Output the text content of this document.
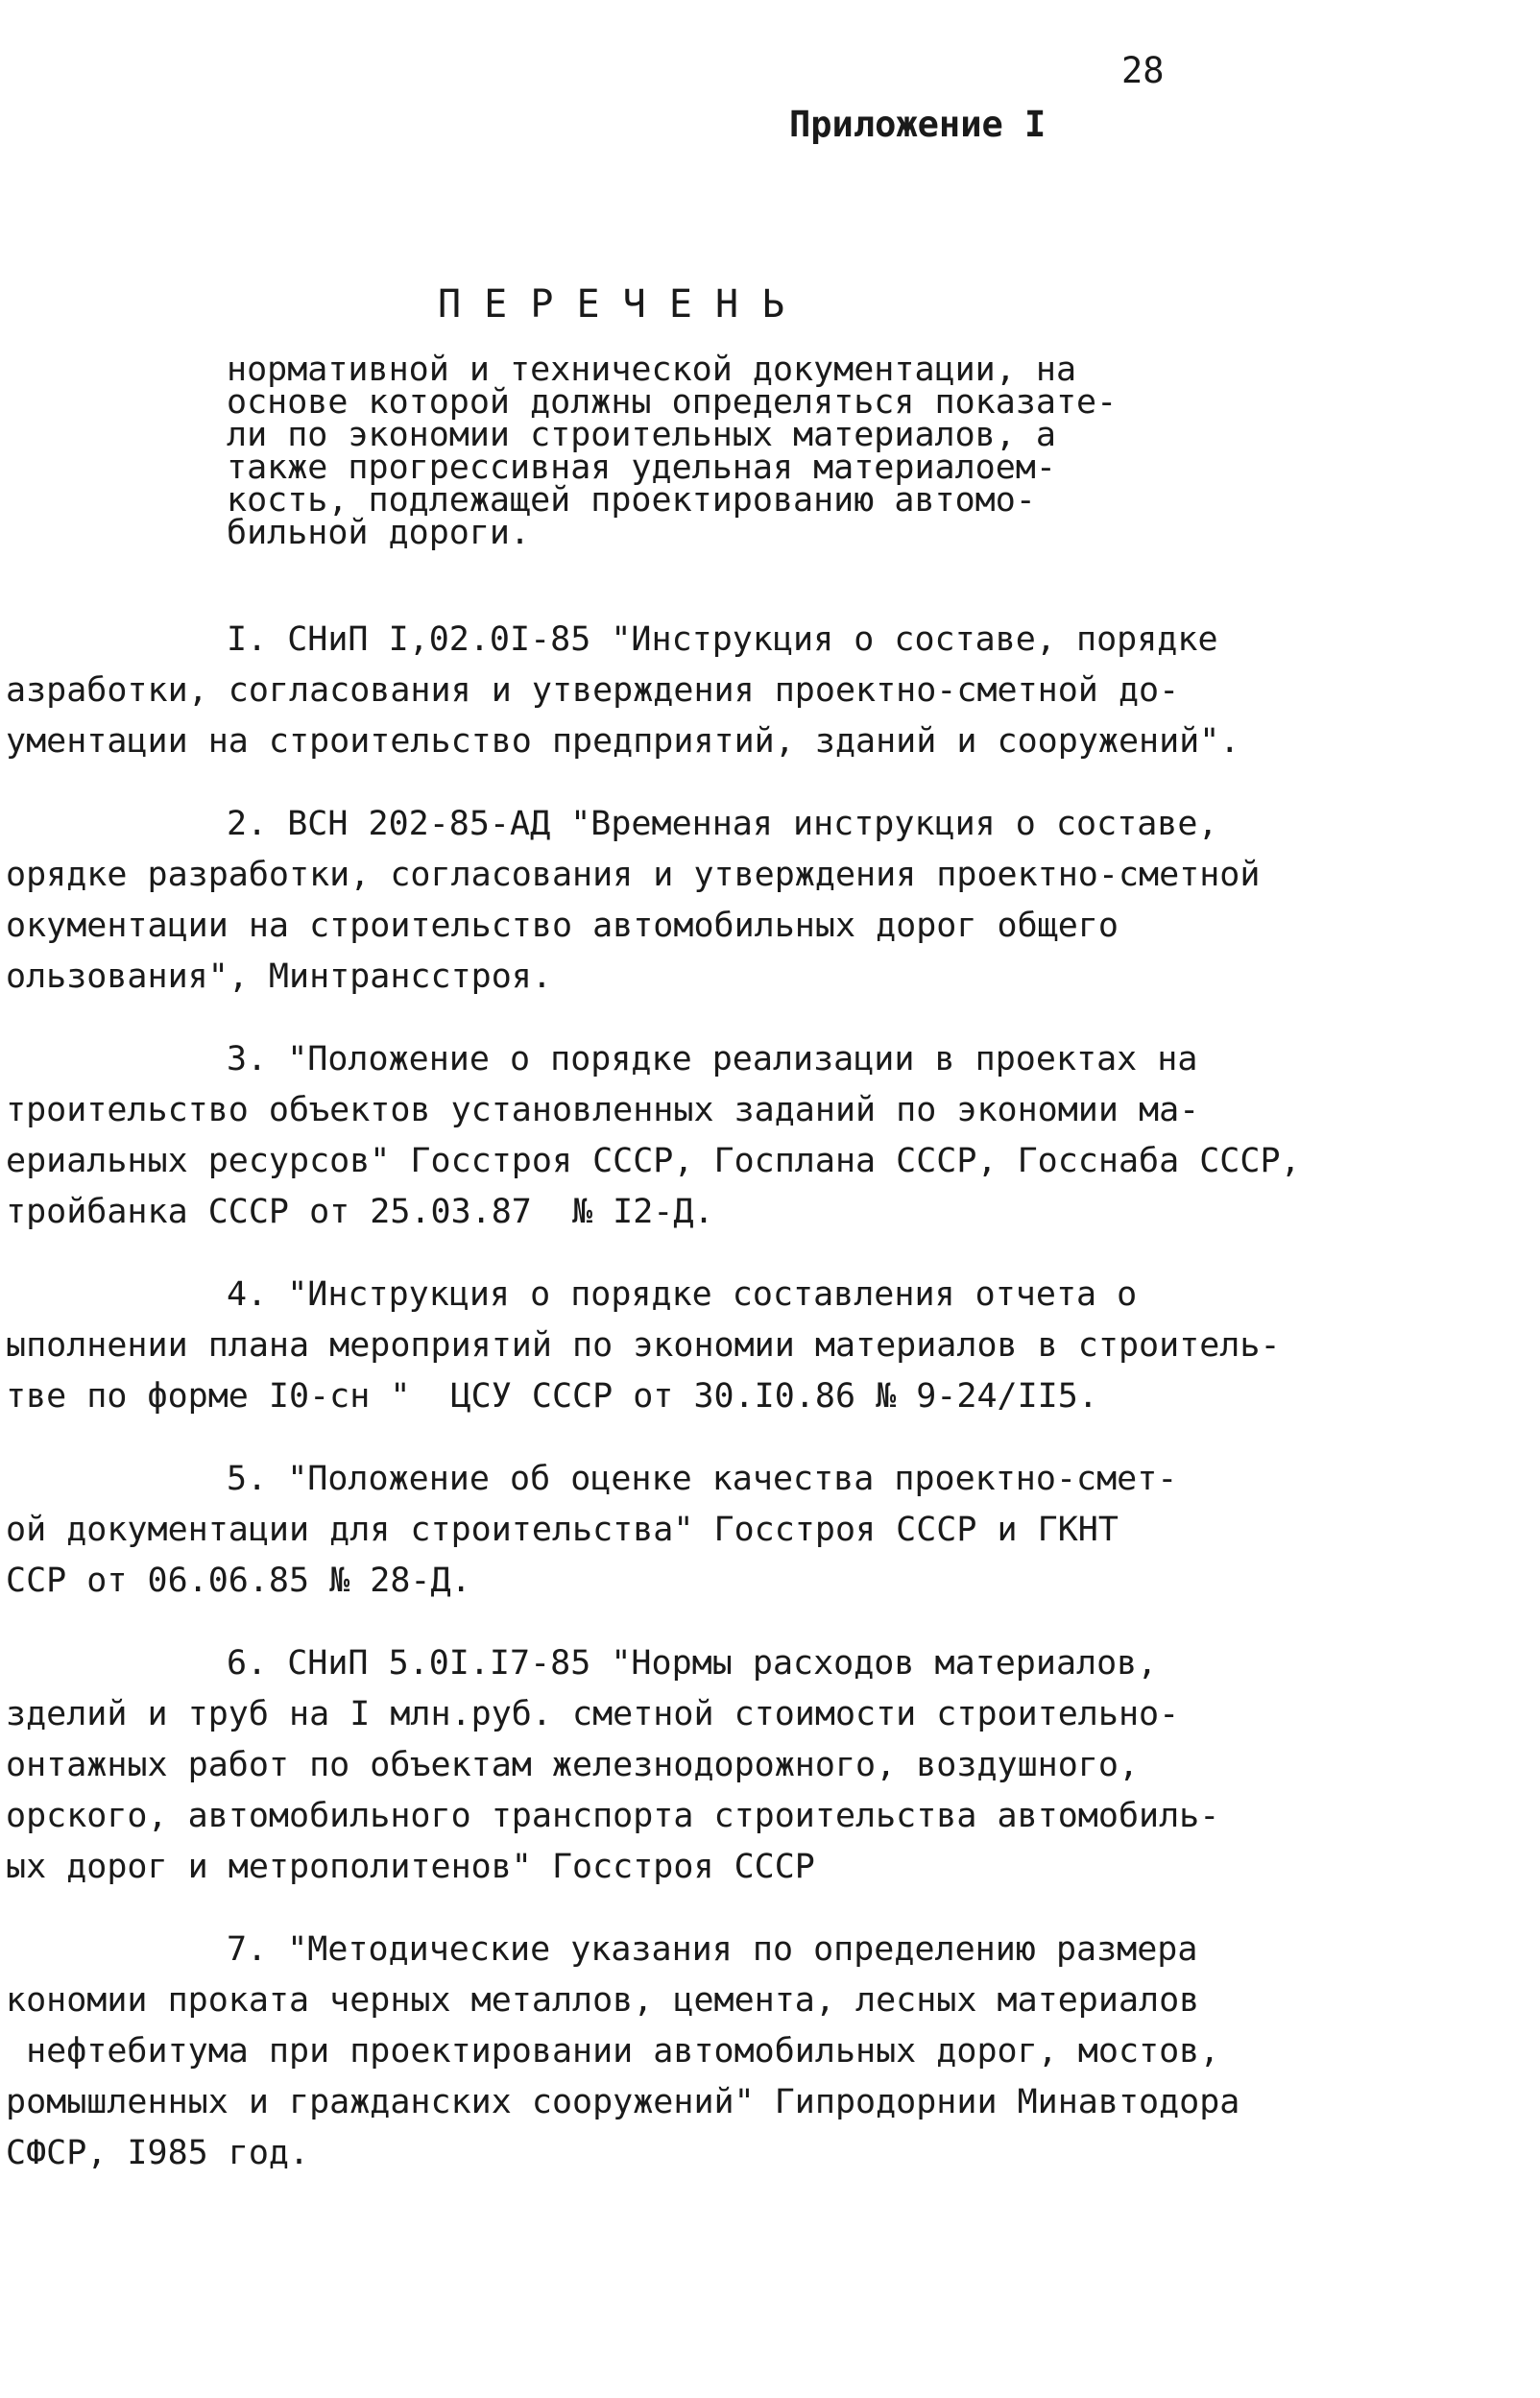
28
Приложение I
П Е Р Е Ч Е Н Ь
нормативной и технической документации, на
основе которой должны определяться показате-
ли по экономии строительных материалов, а
также прогрессивная удельная материалоем-
кость, подлежащей проектированию автомо-
бильной дороги.
I. СНиП I,02.0I-85 "Инструкция о составе, порядке
азработки, согласования и утверждения проектно-сметной до-
ументации на строительство предприятий, зданий и сооружений".
2. ВСН 202-85-АД "Временная инструкция о составе,
орядке разработки, согласования и утверждения проектно-сметной
окументации на строительство автомобильных дорог общего
ользования", Минтрансстроя.
3. "Положение о порядке реализации в проектах на
троительство объектов установленных заданий по экономии ма-
ериальных ресурсов" Госстроя СССР, Госплана СССР, Госснаба СССР,
тройбанка СССР от 25.03.87  № I2-Д.
4. "Инструкция о порядке составления отчета о
ыполнении плана мероприятий по экономии материалов в строитель-
тве по форме I0-сн "  ЦСУ СССР от 30.I0.86 № 9-24/II5.
5. "Положение об оценке качества проектно-смет-
ой документации для строительства" Госстроя СССР и ГКНТ
ССР от 06.06.85 № 28-Д.
6. СНиП 5.0I.I7-85 "Нормы расходов материалов,
зделий и труб на I млн.руб. сметной стоимости строительно-
онтажных работ по объектам железнодорожного, воздушного,
орского, автомобильного транспорта строительства автомобиль-
ых дорог и метрополитенов" Госстроя СССР
7. "Методические указания по определению размера
кономии проката черных металлов, цемента, лесных материалов
нефтебитума при проектировании автомобильных дорог, мостов,
ромышленных и гражданских сооружений" Гипродорнии Минавтодора
СФСР, I985 год.
